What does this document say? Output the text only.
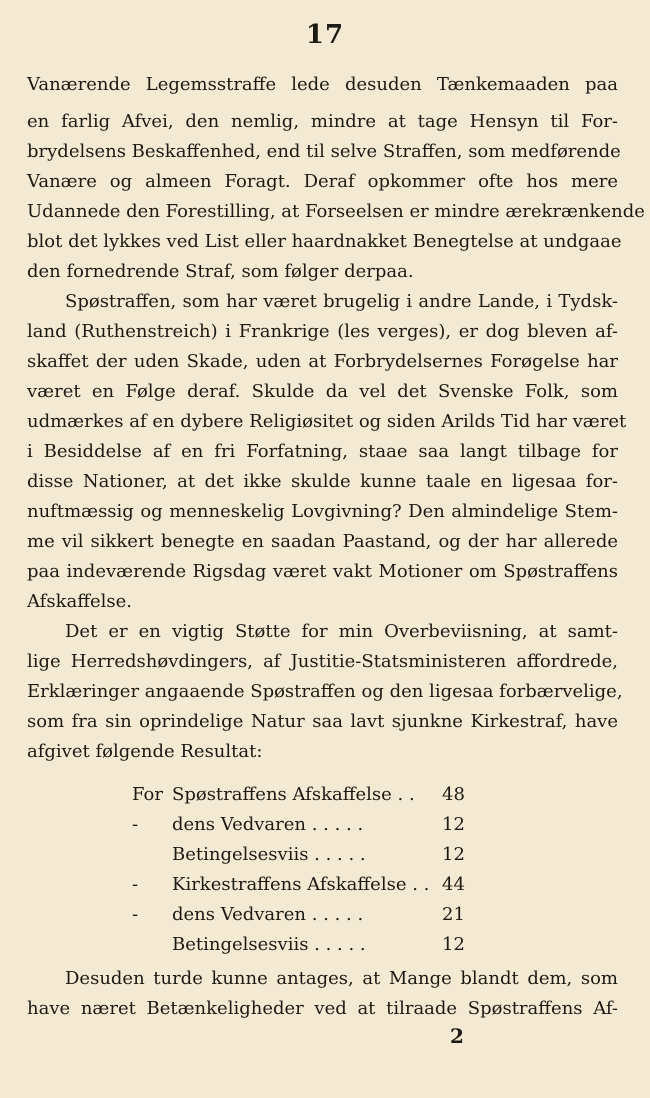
17
Vanærende Legemsstraffe lede desuden Tænkemaaden paa
en farlig Afvei, den nemlig, mindre at tage Hensyn til For-
brydelsens Beskaffenhed, end til selve Straffen, som medførende
Vanære og almeen Foragt. Deraf opkommer ofte hos mere
Udannede den Forestilling, at Forseelsen er mindre ærekrænkende
blot det lykkes ved List eller haardnakket Benegtelse at undgaae
den fornedrende Straf, som følger derpaa.
Spøstraffen, som har været brugelig i andre Lande, i Tydsk-
land (Ruthenstreich) i Frankrige (les verges), er dog bleven af-
skaffet der uden Skade, uden at Forbrydelsernes Forøgelse har
været en Følge deraf. Skulde da vel det Svenske Folk, som
udmærkes af en dybere Religiøsitet og siden Arilds Tid har været
i Besiddelse af en fri Forfatning, staae saa langt tilbage for
disse Nationer, at det ikke skulde kunne taale en ligesaa for-
nuftmæssig og menneskelig Lovgivning? Den almindelige Stem-
me vil sikkert benegte en saadan Paastand, og der har allerede
paa indeværende Rigsdag været vakt Motioner om Spøstraffens
Afskaffelse.
Det er en vigtig Støtte for min Overbeviisning, at samt-
lige Herredshøvdingers, af Justitie-Statsministeren affordrede,
Erklæringer angaaende Spøstraffen og den ligesaa forbærvelige,
som fra sin oprindelige Natur saa lavt sjunkne Kirkestraf, have
afgivet følgende Resultat:
For Spøstraffens Afskaffelse . . 48
-	dens Vedvaren . . . . .	12
Betingelsesviis . . . . .	12
-	Kirkestraffens Afskaffelse . . 44
-	dens Vedvaren . . . . .	21
Betingelsesviis . . . . .	12
Desuden turde kunne antages, at Mange blandt dem, som
have næret Betænkeligheder ved at tilraade Spøstraffens Af-
2
